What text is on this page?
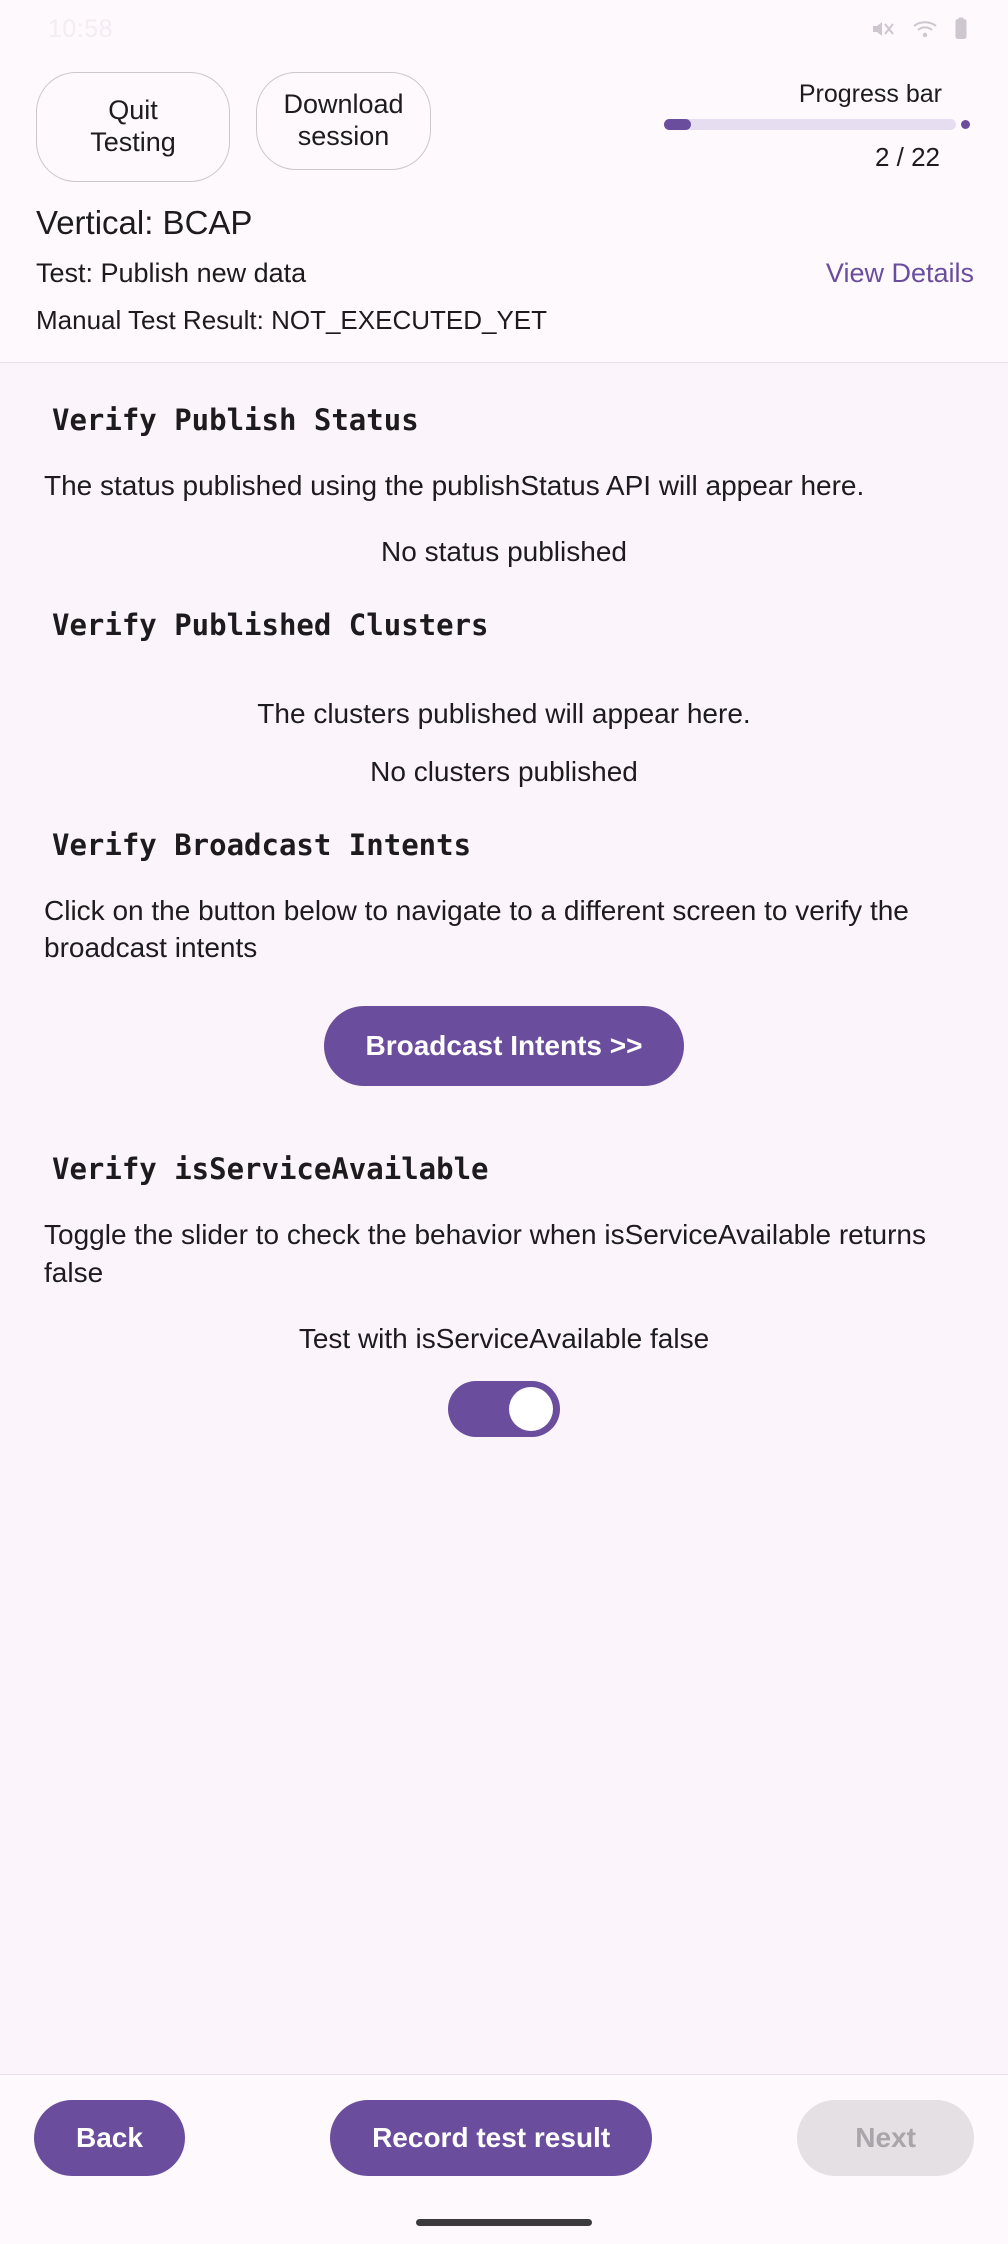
10:58
Quit Testing
Download session
Progress bar
2 / 22
Vertical: BCAP
Test: Publish new data	View Details
Manual Test Result: NOT_EXECUTED_YET
Verify Publish Status
The status published using the publishStatus API will appear here.
No status published
Verify Published Clusters
The clusters published will appear here.
No clusters published
Verify Broadcast Intents
Click on the button below to navigate to a different screen to verify the broadcast intents
Broadcast Intents >>
Verify isServiceAvailable
Toggle the slider to check the behavior when isServiceAvailable returns false
Test with isServiceAvailable false
Back	Record test result	Next
